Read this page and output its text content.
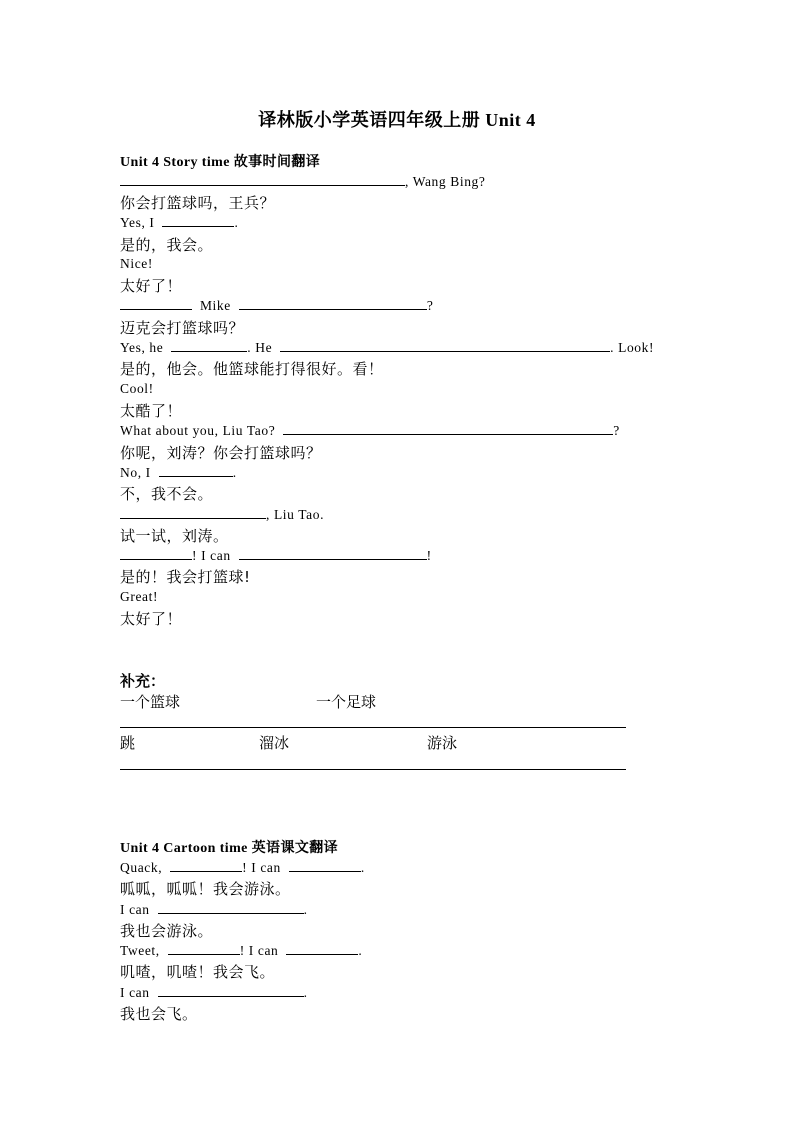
译林版小学英语四年级上册 Unit 4
Unit 4 Story time 故事时间翻译
, Wang Bing?
你会打篮球吗，王兵？
Yes, I	.
是的，我会。
Nice!
太好了！
Mike	?
迈克会打篮球吗？
Yes, he	. He	. Look!
是的，他会。他篮球能打得很好。看！
Cool!
太酷了！
What about you, Liu Tao?	?
你呢，刘涛？你会打篮球吗？
No, I	.
不，我不会。
, Liu Tao.
试一试，刘涛。
! I can	!
是的！我会打篮球!
Great!
太好了！
补充：
一个篮球	一个足球
跳	溜冰	游泳
Unit 4 Cartoon time 英语课文翻译
Quack,	! I can	.
呱呱，呱呱！我会游泳。
I can	.
我也会游泳。
Tweet,	! I can	.
叽喳，叽喳！我会飞。
I can	.
我也会飞。
